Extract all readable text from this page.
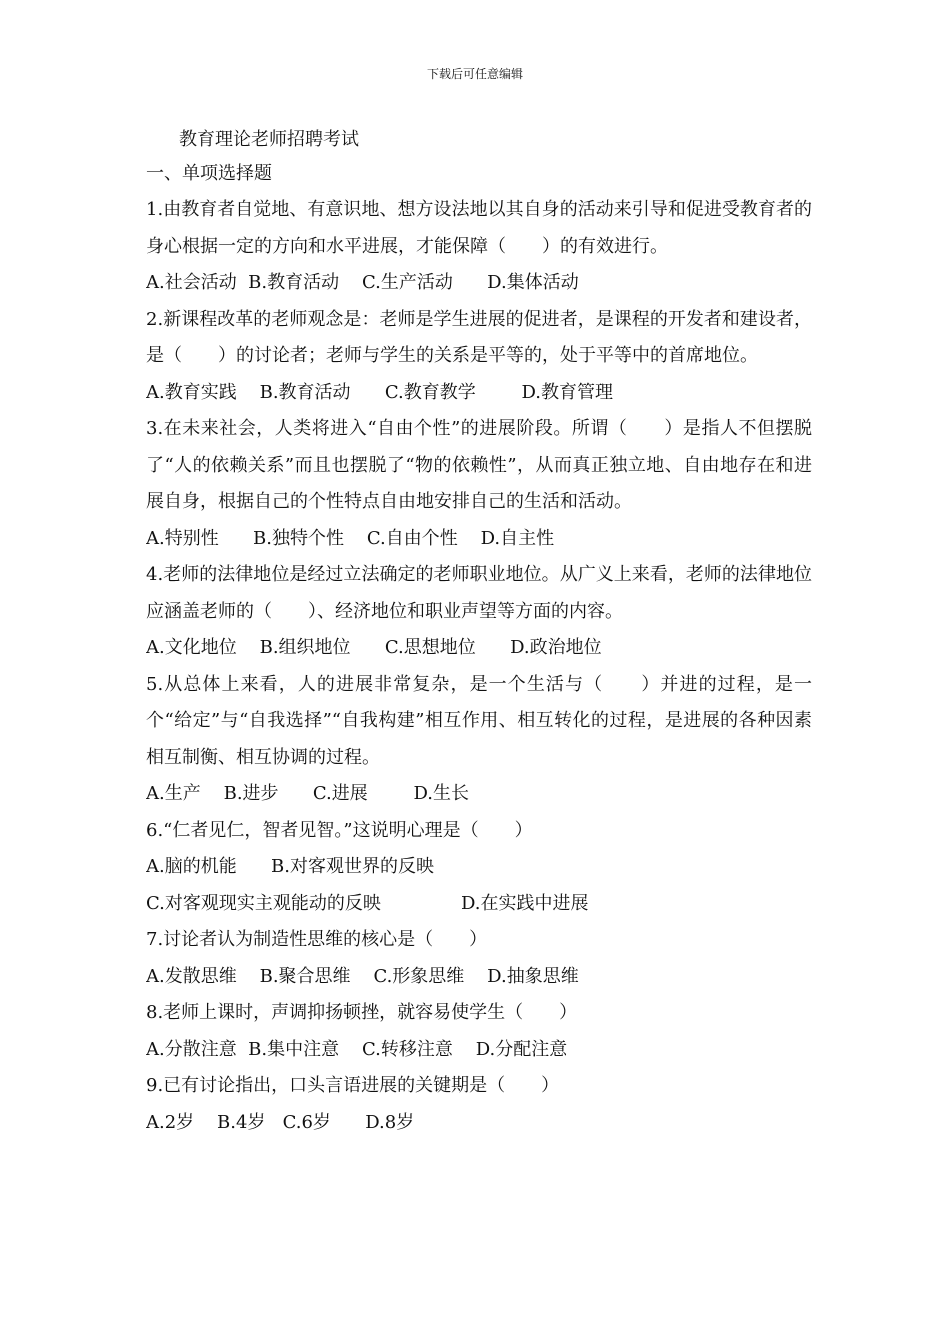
下载后可任意编辑
教育理论老师招聘考试
一、单项选择题
1.由教育者自觉地、有意识地、想方设法地以其自身的活动来引导和促进受教育者的身心根据一定的方向和水平进展，才能保障（　　）的有效进行。
A.社会活动  B.教育活动    C.生产活动      D.集体活动
2.新课程改革的老师观念是：老师是学生进展的促进者，是课程的开发者和建设者，是（　　）的讨论者；老师与学生的关系是平等的，处于平等中的首席地位。
A.教育实践    B.教育活动      C.教育教学        D.教育管理
3.在未来社会，人类将进入“自由个性”的进展阶段。所谓（　　）是指人不但摆脱了“人的依赖关系”而且也摆脱了“物的依赖性”，从而真正独立地、自由地存在和进展自身，根据自己的个性特点自由地安排自己的生活和活动。
A.特别性      B.独特个性    C.自由个性    D.自主性
4.老师的法律地位是经过立法确定的老师职业地位。从广义上来看，老师的法律地位应涵盖老师的（　　）、经济地位和职业声望等方面的内容。
A.文化地位    B.组织地位      C.思想地位      D.政治地位
5.从总体上来看，人的进展非常复杂，是一个生活与（　　）并进的过程，是一个“给定”与“自我选择”“自我构建”相互作用、相互转化的过程，是进展的各种因素相互制衡、相互协调的过程。
A.生产    B.进步      C.进展        D.生长
6.“仁者见仁，智者见智。”这说明心理是（　　）
A.脑的机能      B.对客观世界的反映
C.对客观现实主观能动的反映              D.在实践中进展
7.讨论者认为制造性思维的核心是（　　）
A.发散思维    B.聚合思维    C.形象思维    D.抽象思维
8.老师上课时，声调抑扬顿挫，就容易使学生（　　）
A.分散注意  B.集中注意    C.转移注意    D.分配注意
9.已有讨论指出，口头言语进展的关键期是（　　）
A.2岁    B.4岁   C.6岁      D.8岁
